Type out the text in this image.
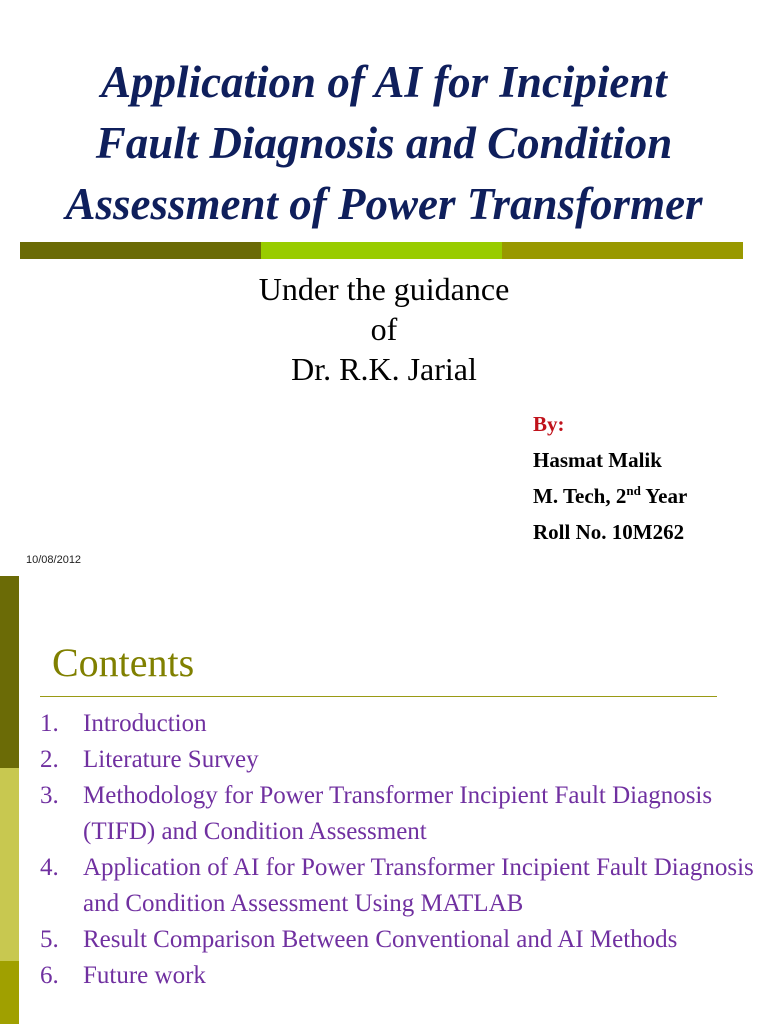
Application of AI for Incipient
Fault Diagnosis and Condition
Assessment of Power Transformer
Under the guidance
of
Dr. R.K. Jarial
By:
Hasmat Malik
M. Tech, 2nd Year
Roll No. 10M262
10/08/2012
Contents
1. Introduction
2. Literature Survey
3. Methodology for Power Transformer Incipient Fault Diagnosis (TIFD) and Condition Assessment
4. Application of AI for Power Transformer Incipient Fault Diagnosis and Condition Assessment Using MATLAB
5. Result Comparison Between Conventional and AI Methods
6. Future work
